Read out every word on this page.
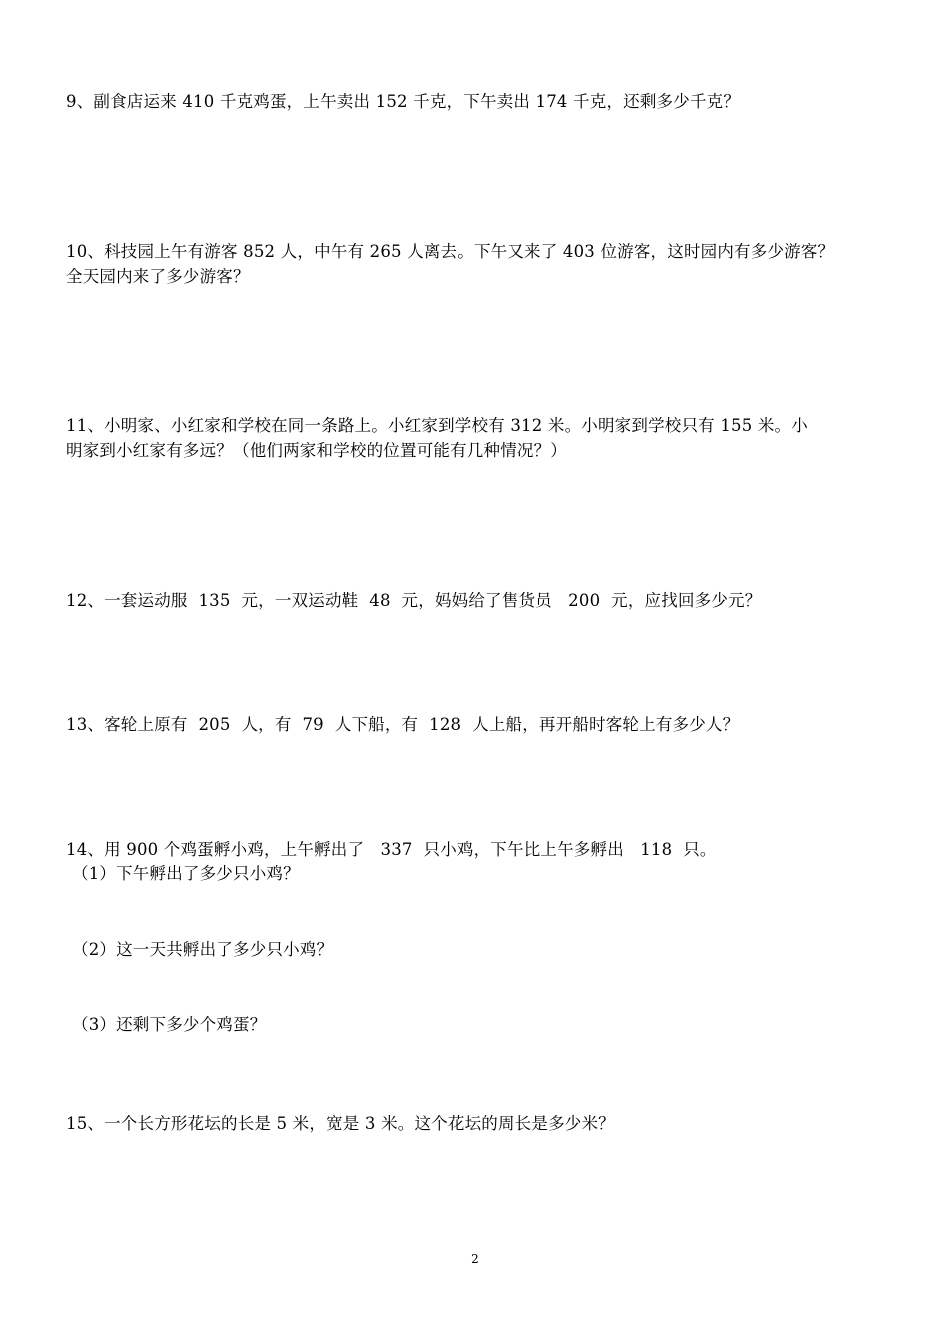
9、副食店运来 410 千克鸡蛋，上午卖出 152 千克，下午卖出 174 千克，还剩多少千克？
10、科技园上午有游客 852 人，中午有 265 人离去。下午又来了 403 位游客，这时园内有多少游客？
全天园内来了多少游客？
11、小明家、小红家和学校在同一条路上。小红家到学校有 312 米。小明家到学校只有 155 米。小
明家到小红家有多远？（他们两家和学校的位置可能有几种情况？）
12、一套运动服  135  元，一双运动鞋  48  元，妈妈给了售货员   200  元，应找回多少元？
13、客轮上原有  205  人，有  79  人下船，有  128  人上船，再开船时客轮上有多少人？
14、用 900 个鸡蛋孵小鸡，上午孵出了   337  只小鸡，下午比上午多孵出   118  只。
（1）下午孵出了多少只小鸡？
（2）这一天共孵出了多少只小鸡？
（3）还剩下多少个鸡蛋？
15、一个长方形花坛的长是 5 米，宽是 3 米。这个花坛的周长是多少米？
2
